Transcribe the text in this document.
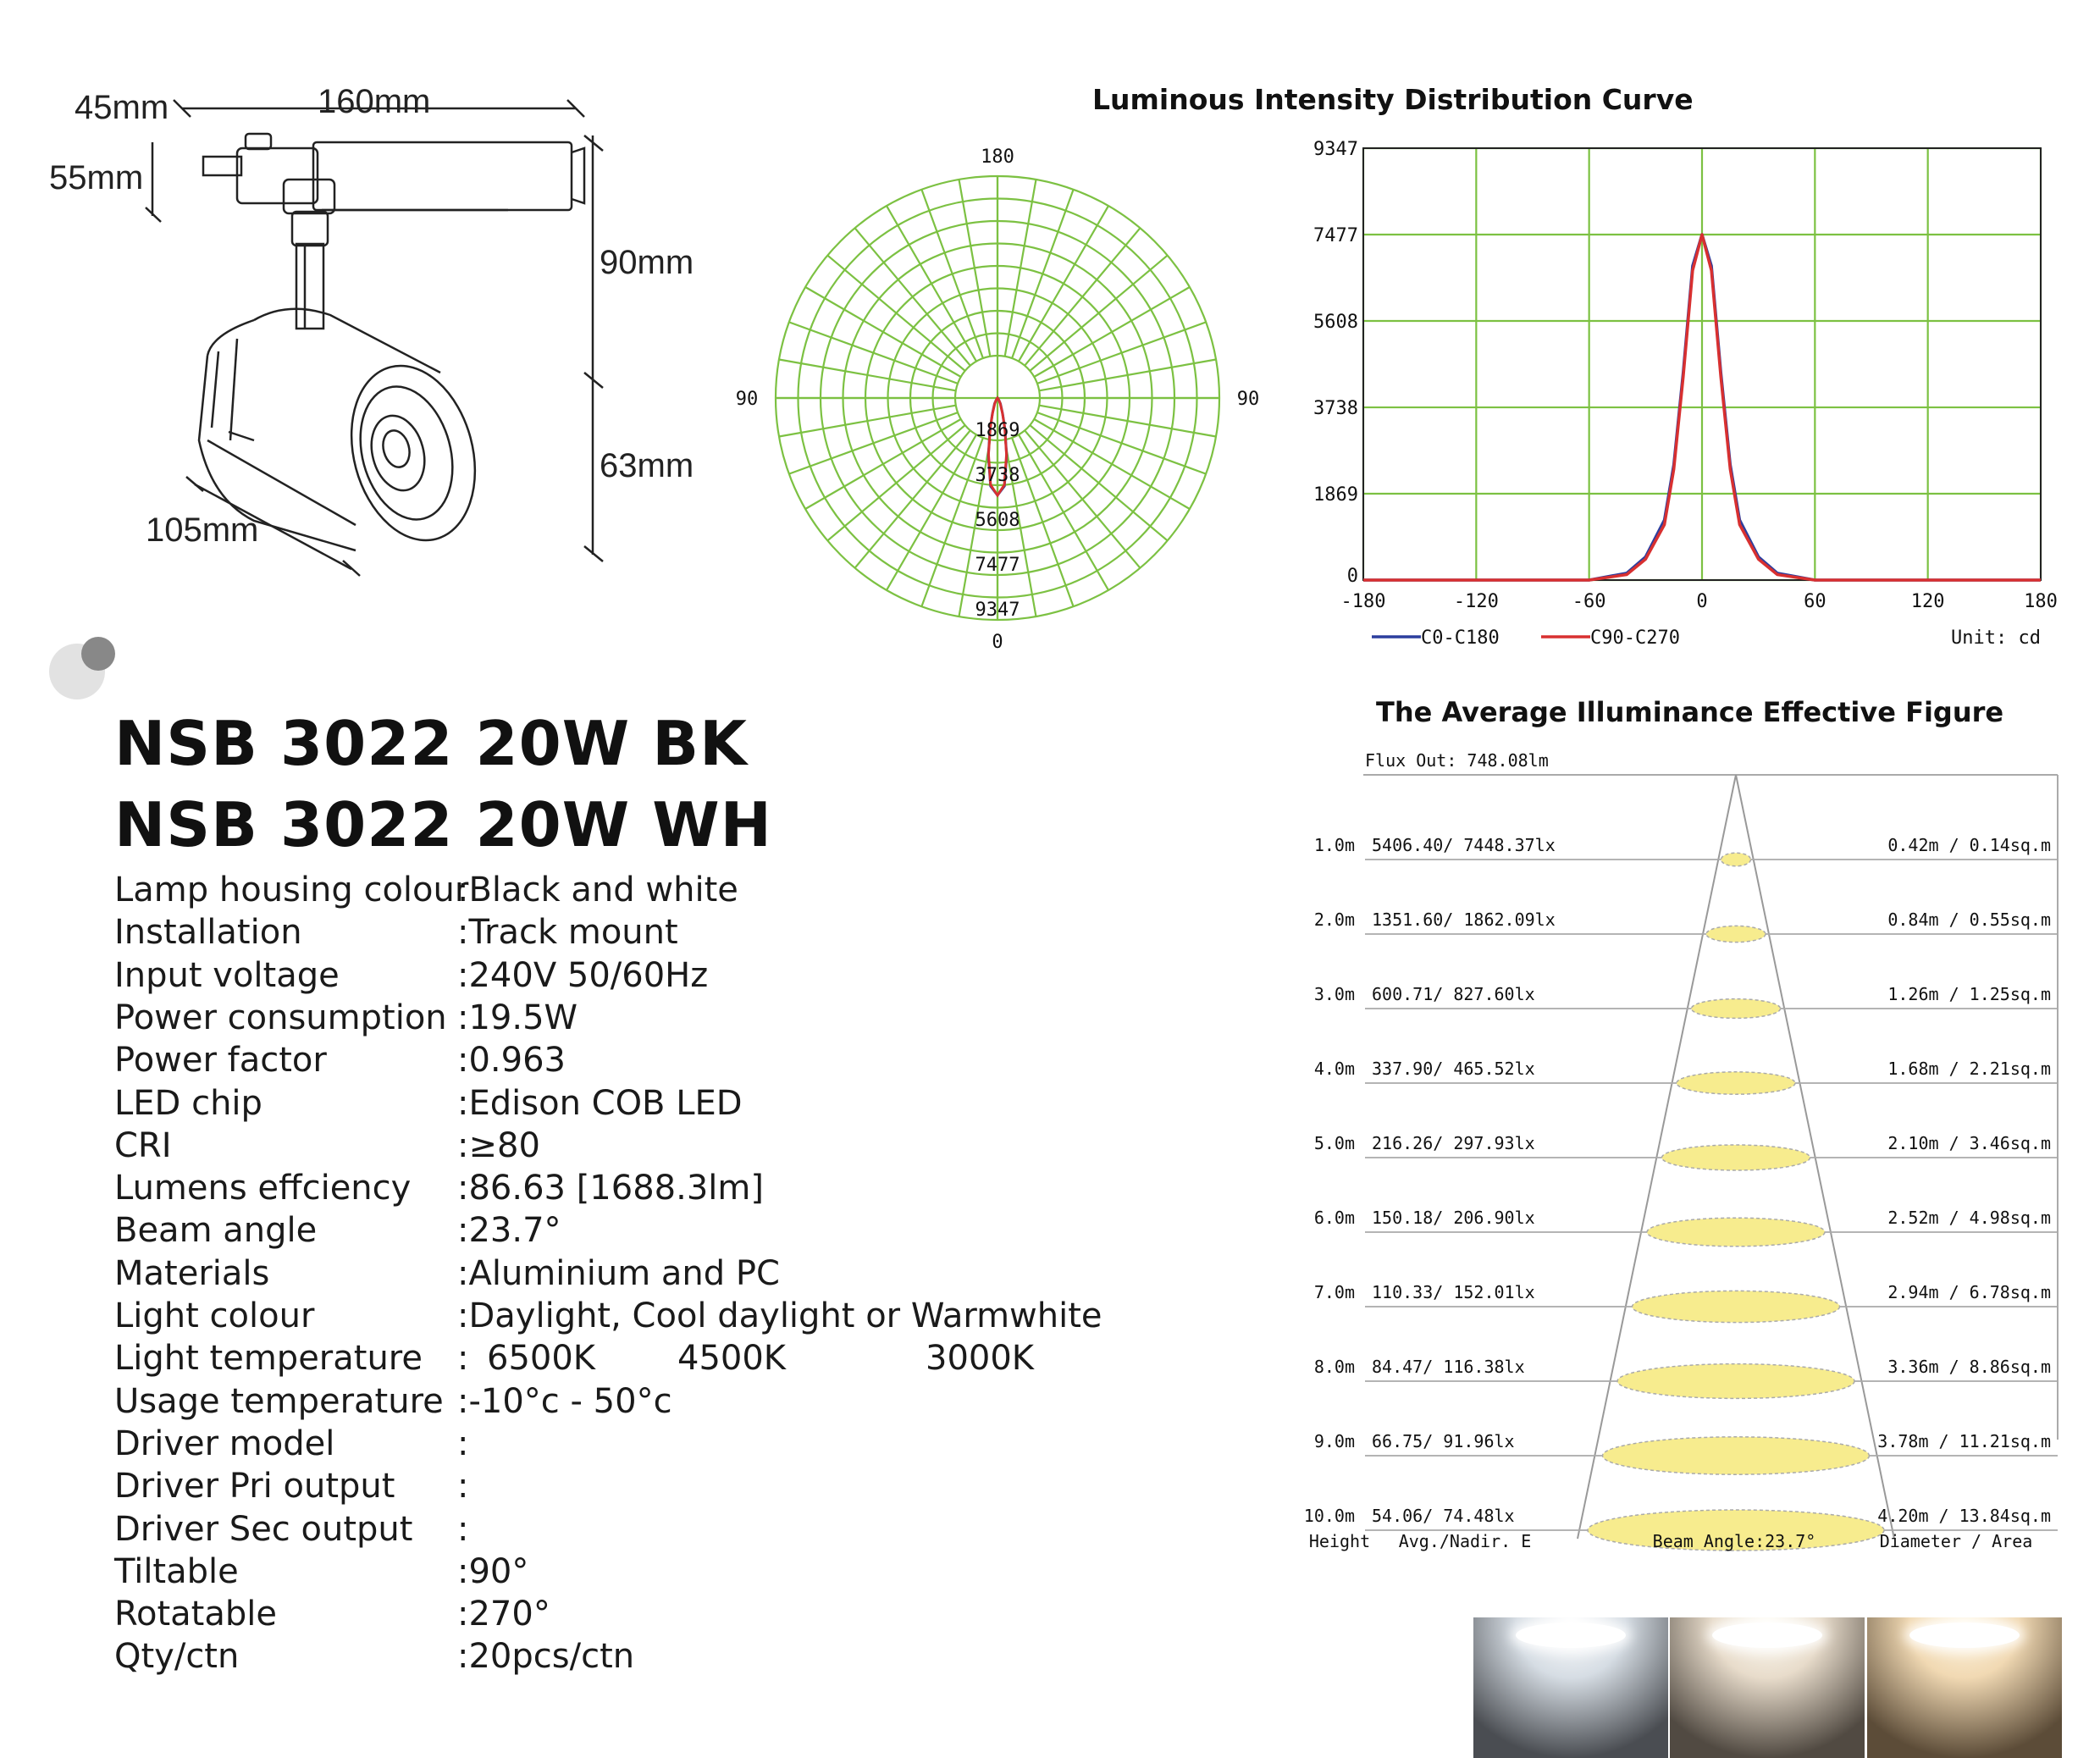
45mm	160mm
55mm
90mm
63mm
105mm
NSB 3022 20W BK
NSB 3022 20W WH
Lamp housing colour
:Black and white
Installation	:Track mount
Input voltage	:240V 50/60Hz
Power consumption :19.5W
Power factor	:0.963
LED chip	:Edison COB LED
CRI	:≥80
Lumens effciency :86.63 [1688.3lm]
Beam angle	:23.7°
Materials	:Aluminium and PC
Light colour	:Daylight, Cool daylight or Warmwhite
Light temperature : 6500K 4500K	3000K
Usage temperature :-10°c - 50°c
Driver model	:
Driver Pri output :
Driver Sec output :
Tiltable	:90°
Rotatable	:270°
Qty/ctn	:20pcs/ctn
Luminous Intensity Distribution Curve
180
0
90	90
1869
3738
5608
7477
9347	-180	-120	-60	0	60	120	180
0
1869
3738
5608
7477
9347
C0-C180	C90-C270	Unit: cd
The Average Illuminance Effective Figure
Flux Out: 748.08lm
1.0m 5406.40/ 7448.37lx	0.42m / 0.14sq.m
2.0m 1351.60/ 1862.09lx	0.84m / 0.55sq.m
3.0m 600.71/ 827.60lx	1.26m / 1.25sq.m
4.0m 337.90/ 465.52lx	1.68m / 2.21sq.m
5.0m 216.26/ 297.93lx	2.10m / 3.46sq.m
6.0m 150.18/ 206.90lx	2.52m / 4.98sq.m
7.0m 110.33/ 152.01lx	2.94m / 6.78sq.m
8.0m 84.47/ 116.38lx	3.36m / 8.86sq.m
9.0m 66.75/ 91.96lx	3.78m / 11.21sq.m
10.0m 54.06/ 74.48lx	4.20m / 13.84sq.m
Height Avg./Nadir. E	Beam Angle:23.7°	Diameter / Area
